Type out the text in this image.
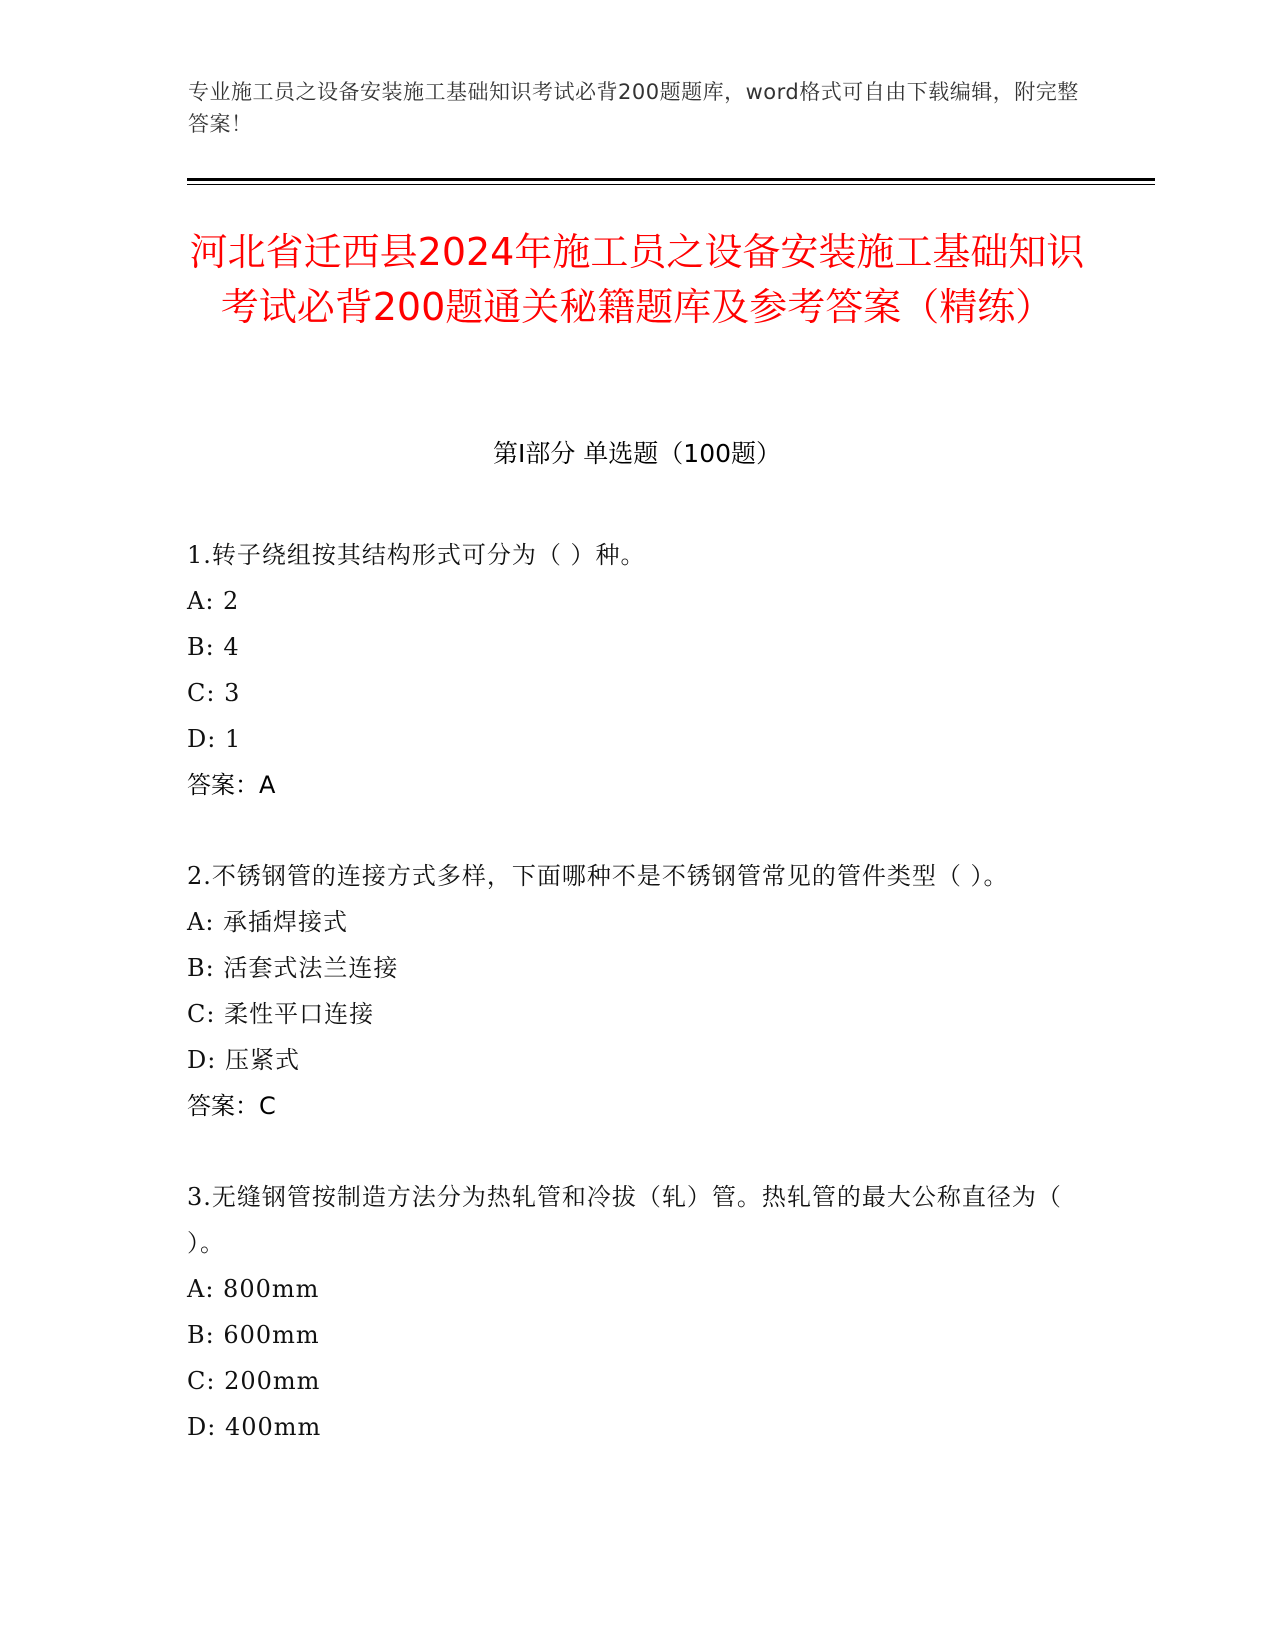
专业施工员之设备安装施工基础知识考试必背200题题库，word格式可自由下载编辑，附完整答案！
河北省迁西县2024年施工员之设备安装施工基础知识考试必背200题通关秘籍题库及参考答案（精练）
第Ⅰ部分 单选题（100题）

1.转子绕组按其结构形式可分为（ ）种。

A: 2
B: 4
C: 3
D: 1
答案：A

2.不锈钢管的连接方式多样，下面哪种不是不锈钢管常见的管件类型（ ）。

A: 承插焊接式
B: 活套式法兰连接
C: 柔性平口连接
D: 压紧式
答案：C

3.无缝钢管按制造方法分为热轧管和冷拔（轧）管。热轧管的最大公称直径为（ ）。

A: 800mm
B: 600mm
C: 200mm
D: 400mm
